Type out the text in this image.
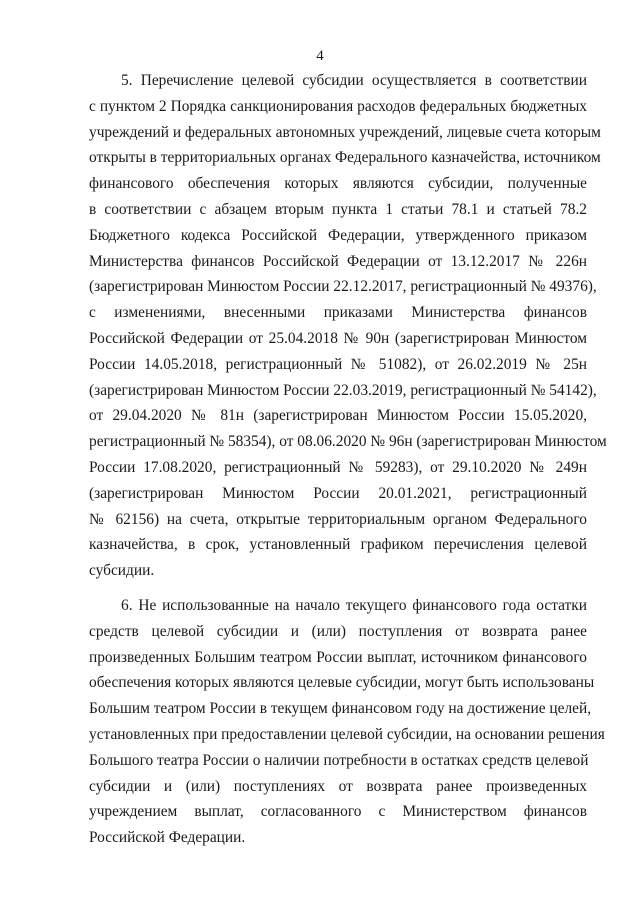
4
5. Перечисление целевой субсидии осуществляется в соответствии
с пунктом 2 Порядка санкционирования расходов федеральных бюджетных
учреждений и федеральных автономных учреждений, лицевые счета которым
открыты в территориальных органах Федерального казначейства, источником
финансового обеспечения которых являются субсидии, полученные
в соответствии с абзацем вторым пункта 1 статьи 78.1 и статьей 78.2
Бюджетного кодекса Российской Федерации, утвержденного приказом
Министерства финансов Российской Федерации от 13.12.2017 № 226н
(зарегистрирован Минюстом России 22.12.2017, регистрационный № 49376),
с изменениями, внесенными приказами Министерства финансов
Российской Федерации от 25.04.2018 № 90н (зарегистрирован Минюстом
России 14.05.2018, регистрационный № 51082), от 26.02.2019 № 25н
(зарегистрирован Минюстом России 22.03.2019, регистрационный № 54142),
от 29.04.2020 № 81н (зарегистрирован Минюстом России 15.05.2020,
регистрационный № 58354), от 08.06.2020 № 96н (зарегистрирован Минюстом
России 17.08.2020, регистрационный № 59283), от 29.10.2020 № 249н
(зарегистрирован Минюстом России 20.01.2021, регистрационный
№ 62156) на счета, открытые территориальным органом Федерального
казначейства, в срок, установленный графиком перечисления целевой
субсидии.
6. Не использованные на начало текущего финансового года остатки
средств целевой субсидии и (или) поступления от возврата ранее
произведенных Большим театром России выплат, источником финансового
обеспечения которых являются целевые субсидии, могут быть использованы
Большим театром России в текущем финансовом году на достижение целей,
установленных при предоставлении целевой субсидии, на основании решения
Большого театра России о наличии потребности в остатках средств целевой
субсидии и (или) поступлениях от возврата ранее произведенных
учреждением выплат, согласованного с Министерством финансов
Российской Федерации.
